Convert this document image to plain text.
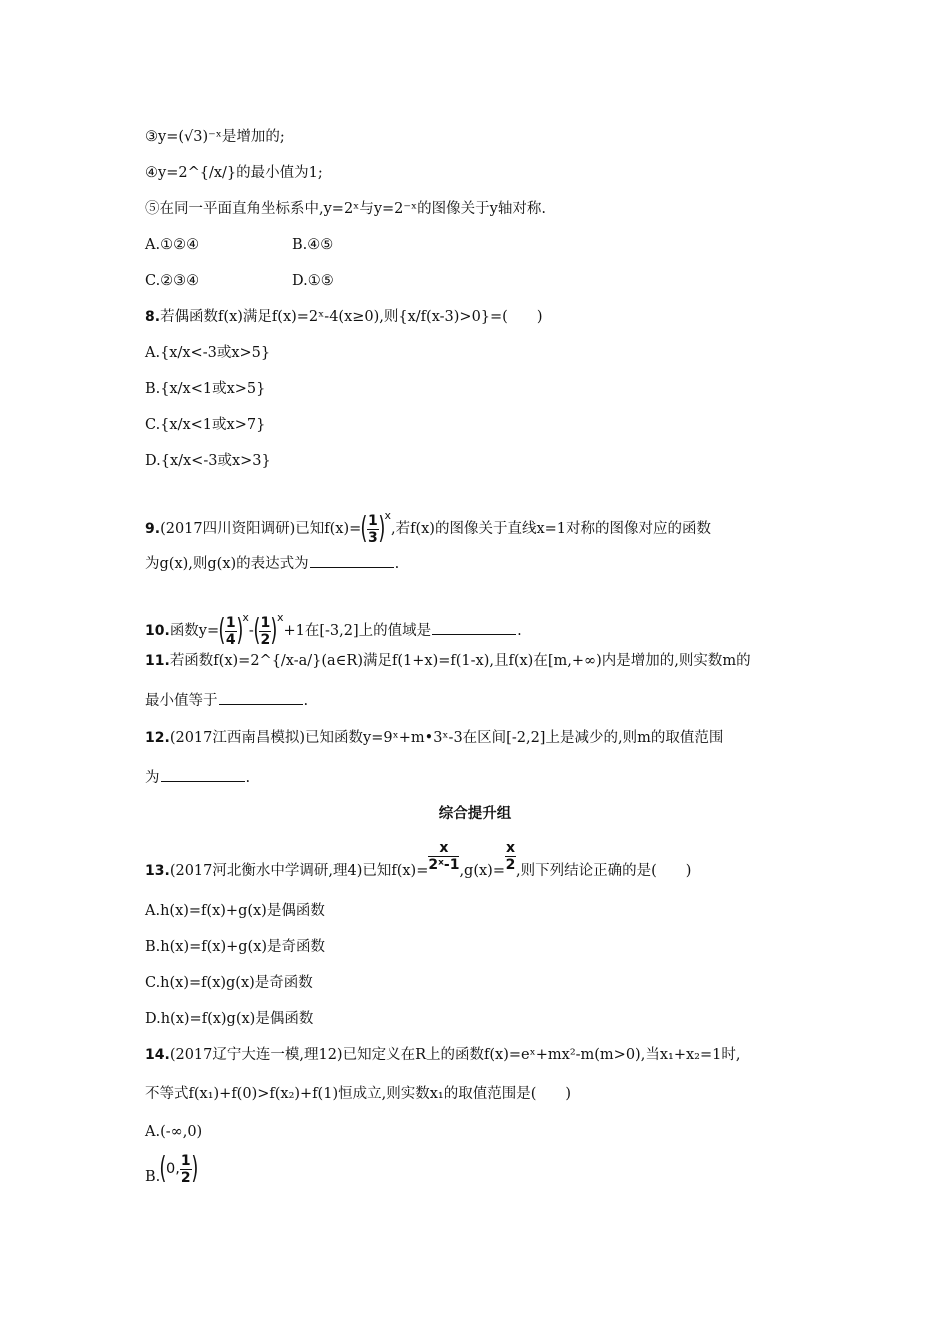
③y=(√3)⁻ˣ是增加的;
④y=2^{/x/}的最小值为1;
⑤在同一平面直角坐标系中,y=2ˣ与y=2⁻ˣ的图像关于y轴对称.
A.①②④	B.④⑤
C.②③④	D.①⑤
8.若偶函数f(x)满足f(x)=2ˣ-4(x≥0),则{x/f(x-3)>0}=(　　)
A.{x/x<-3或x>5}
B.{x/x<1或x>5}
C.{x/x<1或x>7}
D.{x/x<-3或x>3}
9.(2017四川资阳调研)已知$f(x)=( \frac{1}{3} )^x$,若f(x)的图像关于直线x=1对称的图像对应的函数
为g(x),则g(x)的表达式为	.
10.函数$y=( \frac{1}{4} )^x-( \frac{1}{2} )^x+1$在[-3,2]上的值域是	.
11.若函数f(x)=2^{/x-a/}(a∈R)满足f(1+x)=f(1-x),且f(x)在[m,+∞)内是增加的,则实数m的
最小值等于	.
12.(2017江西南昌模拟)已知函数y=9ˣ+m•3ˣ-3在区间[-2,2]上是减少的,则m的取值范围
为	.
综合提升组
13.(2017河北衡水中学调研,理4)已知$f(x)= \frac{x}{\text{2ˣ-1}} ,g(x)= \frac{x}{2}$ ,则下列结论正确的是(　　)
A.h(x)=f(x)+g(x)是偶函数
B.h(x)=f(x)+g(x)是奇函数
C.h(x)=f(x)g(x)是奇函数
D.h(x)=f(x)g(x)是偶函数
14.(2017辽宁大连一模,理12)已知定义在R上的函数f(x)=eˣ+mx²-m(m>0),当x₁+x₂=1时,
不等式f(x₁)+f(0)>f(x₂)+f(1)恒成立,则实数x₁的取值范围是(　　)
A.(-∞,0)
B.(0, $\frac{1}{2}$ )
